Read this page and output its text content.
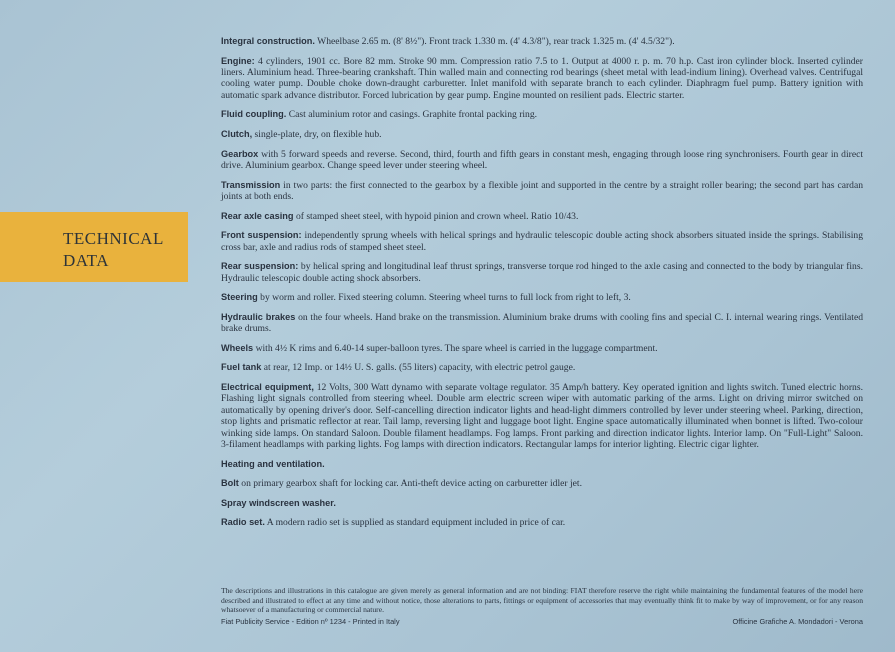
TECHNICAL
DATA

Integral construction. Wheelbase 2.65 m. (8' 8½"). Front track 1.330 m. (4' 4.3/8"), rear track 1.325 m. (4' 4.5/32").

Engine: 4 cylinders, 1901 cc. Bore 82 mm. Stroke 90 mm. Compression ratio 7.5 to 1. Output at 4000 r. p. m. 70 h.p. Cast iron cylinder block. Inserted cylinder liners. Aluminium head. Three-bearing crankshaft. Thin walled main and connecting rod bearings (sheet metal with lead-indium lining). Overhead valves. Centrifugal cooling water pump. Double choke down-draught carburetter. Inlet manifold with separate branch to each cylinder. Diaphragm fuel pump. Battery ignition with automatic spark advance distributor. Forced lubrication by gear pump. Engine mounted on resilient pads. Electric starter.

Fluid coupling. Cast aluminium rotor and casings. Graphite frontal packing ring.

Clutch, single-plate, dry, on flexible hub.

Gearbox with 5 forward speeds and reverse. Second, third, fourth and fifth gears in constant mesh, engaging through loose ring synchronisers. Fourth gear in direct drive. Aluminium gearbox. Change speed lever under steering wheel.

Transmission in two parts: the first connected to the gearbox by a flexible joint and supported in the centre by a straight roller bearing; the second part has cardan joints at both ends.

Rear axle casing of stamped sheet steel, with hypoid pinion and crown wheel. Ratio 10/43.

Front suspension: independently sprung wheels with helical springs and hydraulic telescopic double acting shock absorbers situated inside the springs. Stabilising cross bar, axle and radius rods of stamped sheet steel.

Rear suspension: by helical spring and longitudinal leaf thrust springs, transverse torque rod hinged to the axle casing and connected to the body by triangular fins. Hydraulic telescopic double acting shock absorbers.

Steering by worm and roller. Fixed steering column. Steering wheel turns to full lock from right to left, 3.

Hydraulic brakes on the four wheels. Hand brake on the transmission. Aluminium brake drums with cooling fins and special C. I. internal wearing rings. Ventilated brake drums.

Wheels with 4½ K rims and 6.40-14 super-balloon tyres. The spare wheel is carried in the luggage compartment.

Fuel tank at rear, 12 Imp. or 14½ U. S. galls. (55 liters) capacity, with electric petrol gauge.

Electrical equipment, 12 Volts, 300 Watt dynamo with separate voltage regulator. 35 Amp/h battery. Key operated ignition and lights switch. Tuned electric horns. Flashing light signals controlled from steering wheel. Double arm electric screen wiper with automatic parking of the arms. Light on driving mirror switched on automatically by opening driver's door. Self-cancelling direction indicator lights and head-light dimmers controlled by lever under steering wheel. Parking, direction, stop lights and prismatic reflector at rear. Tail lamp, reversing light and luggage boot light. Engine space automatically illuminated when bonnet is lifted. Two-colour winking side lamps. On standard Saloon. Double filament headlamps. Fog lamps. Front parking and direction indicator lights. Interior lamp. On "Full-Light" Saloon. 3-filament headlamps with parking lights. Fog lamps with direction indicators. Rectangular lamps for interior lighting. Electric cigar lighter.

Heating and ventilation.

Bolt on primary gearbox shaft for locking car. Anti-theft device acting on carburetter idler jet.

Spray windscreen washer.

Radio set. A modern radio set is supplied as standard equipment included in price of car.

The descriptions and illustrations in this catalogue are given merely as general information and are not binding: FIAT therefore reserve the right while maintaining the fundamental features of the model here described and illustrated to effect at any time and without notice, those alterations to parts, fittings or equipment of accessories that may eventually think fit to make by way of improvement, or for any reason whatsoever of a manufacturing or commercial nature.
Fiat Publicity Service - Edition nº 1234 - Printed in Italy	Officine Grafiche A. Mondadori - Verona
